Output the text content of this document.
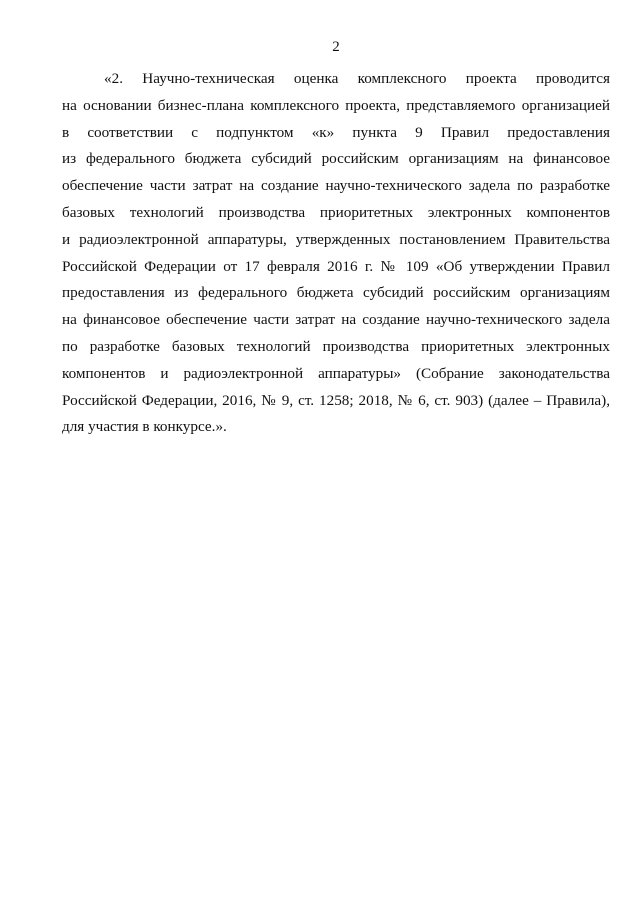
2
«2. Научно-техническая оценка комплексного проекта проводится
на основании бизнес-плана комплексного проекта, представляемого организацией
в соответствии с подпунктом «к» пункта 9 Правил предоставления
из федерального бюджета субсидий российским организациям на финансовое
обеспечение части затрат на создание научно-технического задела по разработке
базовых технологий производства приоритетных электронных компонентов
и радиоэлектронной аппаратуры, утвержденных постановлением Правительства
Российской Федерации от 17 февраля 2016 г. № 109 «Об утверждении Правил
предоставления из федерального бюджета субсидий российским организациям
на финансовое обеспечение части затрат на создание научно-технического задела
по разработке базовых технологий производства приоритетных электронных
компонентов и радиоэлектронной аппаратуры» (Собрание законодательства
Российской Федерации, 2016, № 9, ст. 1258; 2018, № 6, ст. 903) (далее – Правила),
для участия в конкурсе.».
